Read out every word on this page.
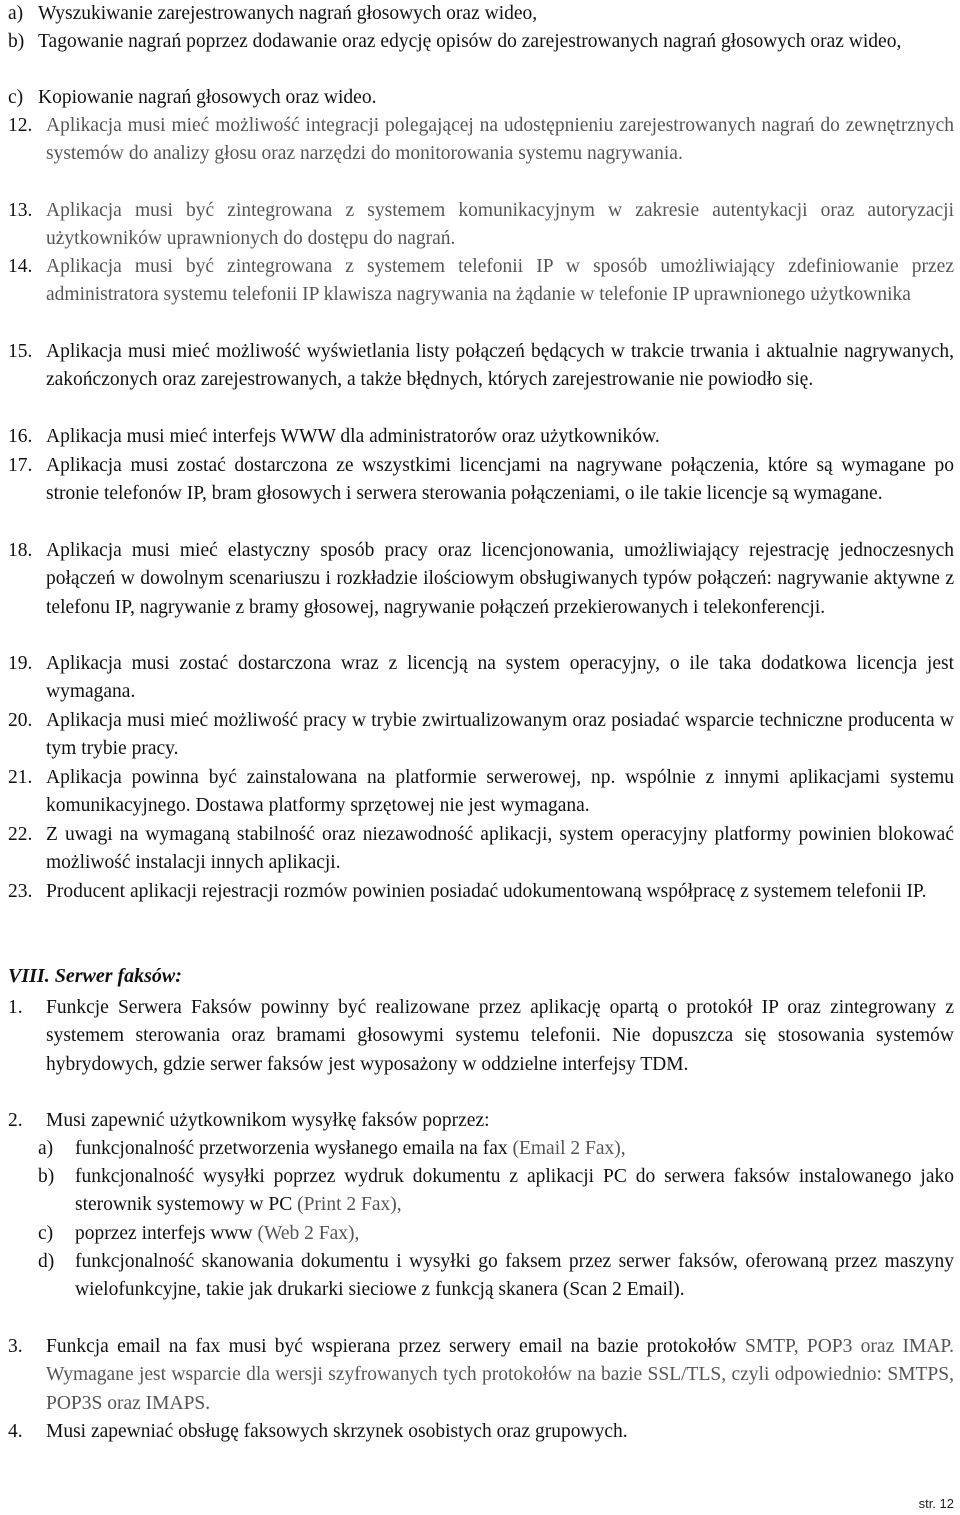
a) Wyszukiwanie zarejestrowanych nagrań głosowych oraz wideo,
b) Tagowanie nagrań poprzez dodawanie oraz edycję opisów do zarejestrowanych nagrań głosowych oraz wideo,
c) Kopiowanie nagrań głosowych oraz wideo.
12. Aplikacja musi mieć możliwość integracji polegającej na udostępnieniu zarejestrowanych nagrań do zewnętrznych systemów do analizy głosu oraz narzędzi do monitorowania systemu nagrywania.
13. Aplikacja musi być zintegrowana z systemem komunikacyjnym w zakresie autentykacji oraz autoryzacji użytkowników uprawnionych do dostępu do nagrań.
14. Aplikacja musi być zintegrowana z systemem telefonii IP w sposób umożliwiający zdefiniowanie przez administratora systemu telefonii IP klawisza nagrywania na żądanie w telefonie IP uprawnionego użytkownika
15. Aplikacja musi mieć możliwość wyświetlania listy połączeń będących w trakcie trwania i aktualnie nagrywanych, zakończonych oraz zarejestrowanych, a także błędnych, których zarejestrowanie nie powiodło się.
16. Aplikacja musi mieć interfejs WWW dla administratorów oraz użytkowników.
17. Aplikacja musi zostać dostarczona ze wszystkimi licencjami na nagrywane połączenia, które są wymagane po stronie telefonów IP, bram głosowych i serwera sterowania połączeniami, o ile takie licencje są wymagane.
18. Aplikacja musi mieć elastyczny sposób pracy oraz licencjonowania, umożliwiający rejestrację jednoczesnych połączeń w dowolnym scenariuszu i rozkładzie ilościowym obsługiwanych typów połączeń: nagrywanie aktywne z telefonu IP, nagrywanie z bramy głosowej, nagrywanie połączeń przekierowanych i telekonferencji.
19. Aplikacja musi zostać dostarczona wraz z licencją na system operacyjny, o ile taka dodatkowa licencja jest wymagana.
20. Aplikacja musi mieć możliwość pracy w trybie zwirtualizowanym oraz posiadać wsparcie techniczne producenta w tym trybie pracy.
21. Aplikacja powinna być zainstalowana na platformie serwerowej, np. wspólnie z innymi aplikacjami systemu komunikacyjnego. Dostawa platformy sprzętowej nie jest wymagana.
22. Z uwagi na wymaganą stabilność oraz niezawodność aplikacji, system operacyjny platformy powinien blokować możliwość instalacji innych aplikacji.
23. Producent aplikacji rejestracji rozmów powinien posiadać udokumentowaną współpracę z systemem telefonii IP.
VIII. Serwer faksów:
1.	Funkcje Serwera Faksów powinny być realizowane przez aplikację opartą o protokół IP oraz zintegrowany z systemem sterowania oraz bramami głosowymi systemu telefonii. Nie dopuszcza się stosowania systemów hybrydowych, gdzie serwer faksów jest wyposażony w oddzielne interfejsy TDM.
2.	Musi zapewnić użytkownikom wysyłkę faksów poprzez:
a)	funkcjonalność przetworzenia wysłanego emaila na fax (Email 2 Fax),
b)	funkcjonalność wysyłki poprzez wydruk dokumentu z aplikacji PC do serwera faksów instalowanego jako sterownik systemowy w PC (Print 2 Fax),
c)	poprzez interfejs www (Web 2 Fax),
d)	funkcjonalność skanowania dokumentu i wysyłki go faksem przez serwer faksów, oferowaną przez maszyny wielofunkcyjne, takie jak drukarki sieciowe z funkcją skanera (Scan 2 Email).
3.	Funkcja email na fax musi być wspierana przez serwery email na bazie protokołów SMTP, POP3 oraz IMAP. Wymagane jest wsparcie dla wersji szyfrowanych tych protokołów na bazie SSL/TLS, czyli odpowiednio: SMTPS, POP3S oraz IMAPS.
4.	Musi zapewniać obsługę faksowych skrzynek osobistych oraz grupowych.
str. 12
